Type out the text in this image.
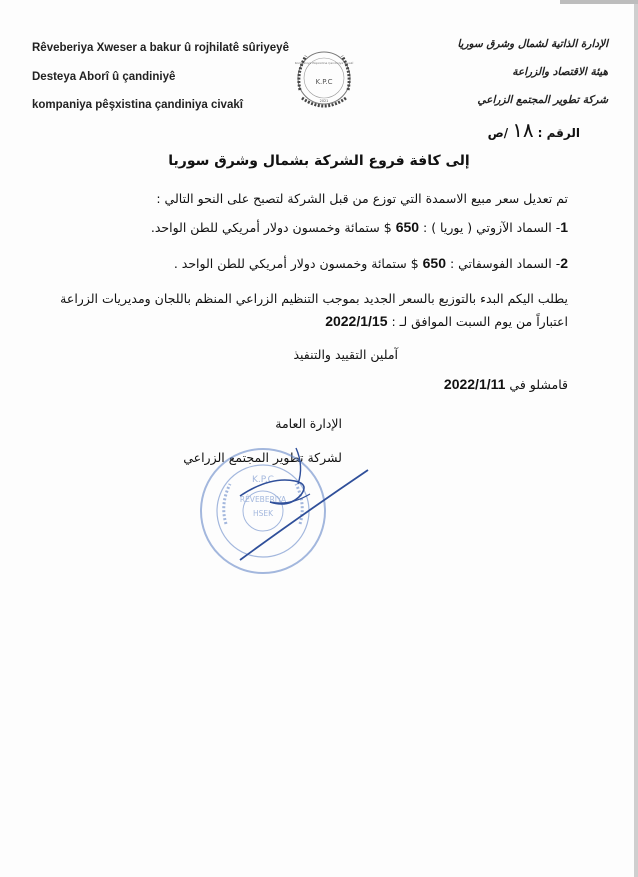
Rêveberiya Xweser a bakur û rojhilatê sûriyeyê
Desteya Aborî û çandiniyê
kompaniya pêşxistina çandiniya civakî
K.P.C
Kompaniya Pêşxistina Çandiniya Civakî
2021
الإدارة الذاتية لشمال وشرق سوريا
هيئة الاقتصاد والزراعة
شركة تطوير المجتمع الزراعي
الرقم :١٨/ص
إلى كافة فروع الشركة بشمال وشرق سوريا
تم تعديل سعر مبيع الاسمدة التي توزع من قبل الشركة لتصبح على النحو التالي :
1- السماد الآزوتي ( يوريا ) : 650 $ ستمائة وخمسون دولار أمريكي للطن الواحد.
2- السماد الفوسفاتي : 650 $ ستمائة وخمسون دولار أمريكي للطن الواحد .
يطلب اليكم البدء بالتوزيع بالسعر الجديد بموجب التنظيم الزراعي المنظم باللجان ومديريات الزراعة
اعتباراً من يوم السبت الموافق لـ : 2022/1/15
آملين التقييد والتنفيذ
قامشلو في 2022/1/11
الإدارة العامة
لشركة تطوير المجتمع الزراعي
K.P.C
RÊVEBERIYA
HSEK
